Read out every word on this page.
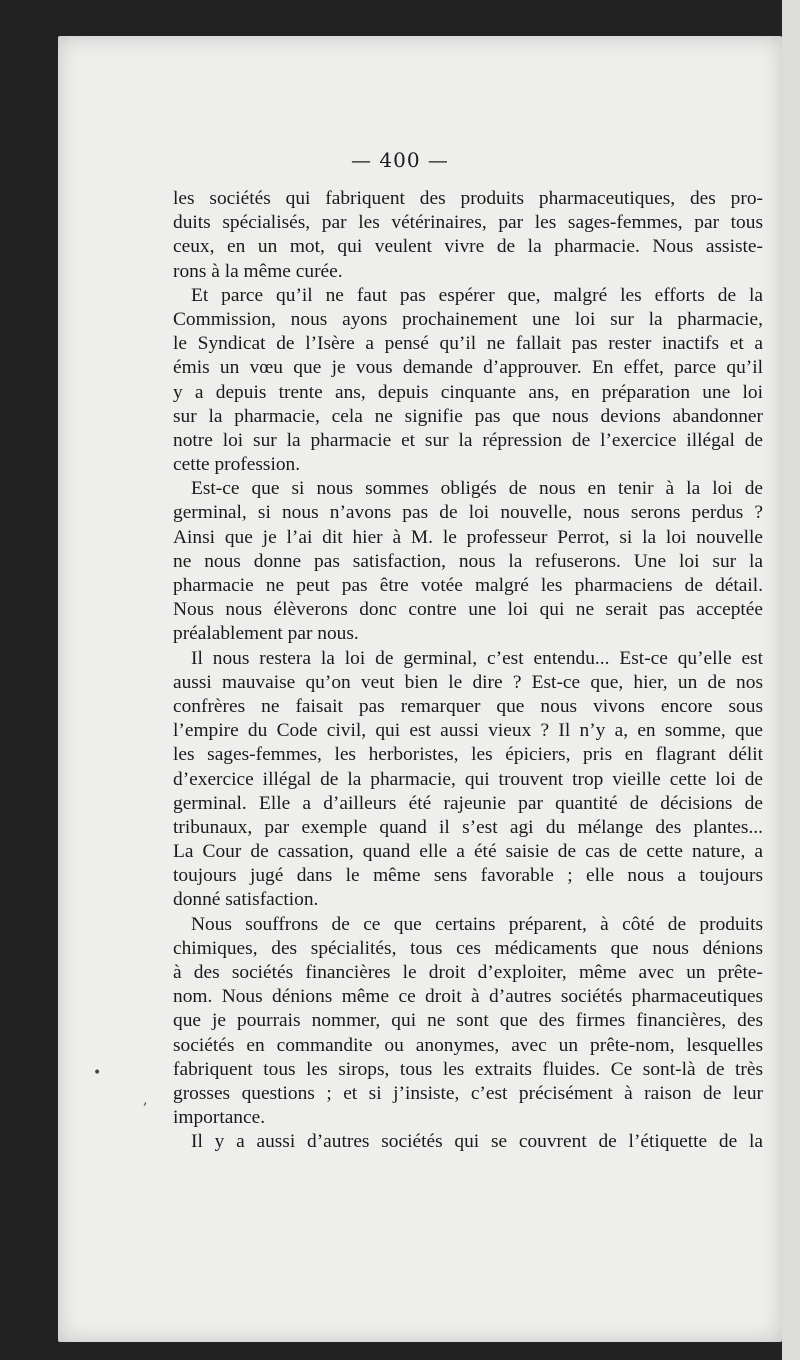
— 400 —
les sociétés qui fabriquent des produits pharmaceutiques, des pro-
duits spécialisés, par les vétérinaires, par les sages-femmes, par tous
ceux, en un mot, qui veulent vivre de la pharmacie. Nous assiste-
rons à la même curée.
Et parce qu’il ne faut pas espérer que, malgré les efforts de la
Commission, nous ayons prochainement une loi sur la pharmacie,
le Syndicat de l’Isère a pensé qu’il ne fallait pas rester inactifs et a
émis un vœu que je vous demande d’approuver. En effet, parce qu’il
y a depuis trente ans, depuis cinquante ans, en préparation une loi
sur la pharmacie, cela ne signifie pas que nous devions abandonner
notre loi sur la pharmacie et sur la répression de l’exercice illégal de
cette profession.
Est-ce que si nous sommes obligés de nous en tenir à la loi de
germinal, si nous n’avons pas de loi nouvelle, nous serons perdus ?
Ainsi que je l’ai dit hier à M. le professeur Perrot, si la loi nouvelle
ne nous donne pas satisfaction, nous la refuserons. Une loi sur la
pharmacie ne peut pas être votée malgré les pharmaciens de détail.
Nous nous élèverons donc contre une loi qui ne serait pas acceptée
préalablement par nous.
Il nous restera la loi de germinal, c’est entendu... Est-ce qu’elle est
aussi mauvaise qu’on veut bien le dire ? Est-ce que, hier, un de nos
confrères ne faisait pas remarquer que nous vivons encore sous
l’empire du Code civil, qui est aussi vieux ? Il n’y a, en somme, que
les sages-femmes, les herboristes, les épiciers, pris en flagrant délit
d’exercice illégal de la pharmacie, qui trouvent trop vieille cette loi de
germinal. Elle a d’ailleurs été rajeunie par quantité de décisions de
tribunaux, par exemple quand il s’est agi du mélange des plantes...
La Cour de cassation, quand elle a été saisie de cas de cette nature, a
toujours jugé dans le même sens favorable ; elle nous a toujours
donné satisfaction.
Nous souffrons de ce que certains préparent, à côté de produits
chimiques, des spécialités, tous ces médicaments que nous dénions
à des sociétés financières le droit d’exploiter, même avec un prête-
nom. Nous dénions même ce droit à d’autres sociétés pharmaceutiques
que je pourrais nommer, qui ne sont que des firmes financières, des
sociétés en commandite ou anonymes, avec un prête-nom, lesquelles
fabriquent tous les sirops, tous les extraits fluides. Ce sont-là de très
grosses questions ; et si j’insiste, c’est précisément à raison de leur
importance.
Il y a aussi d’autres sociétés qui se couvrent de l’étiquette de la
•
,
